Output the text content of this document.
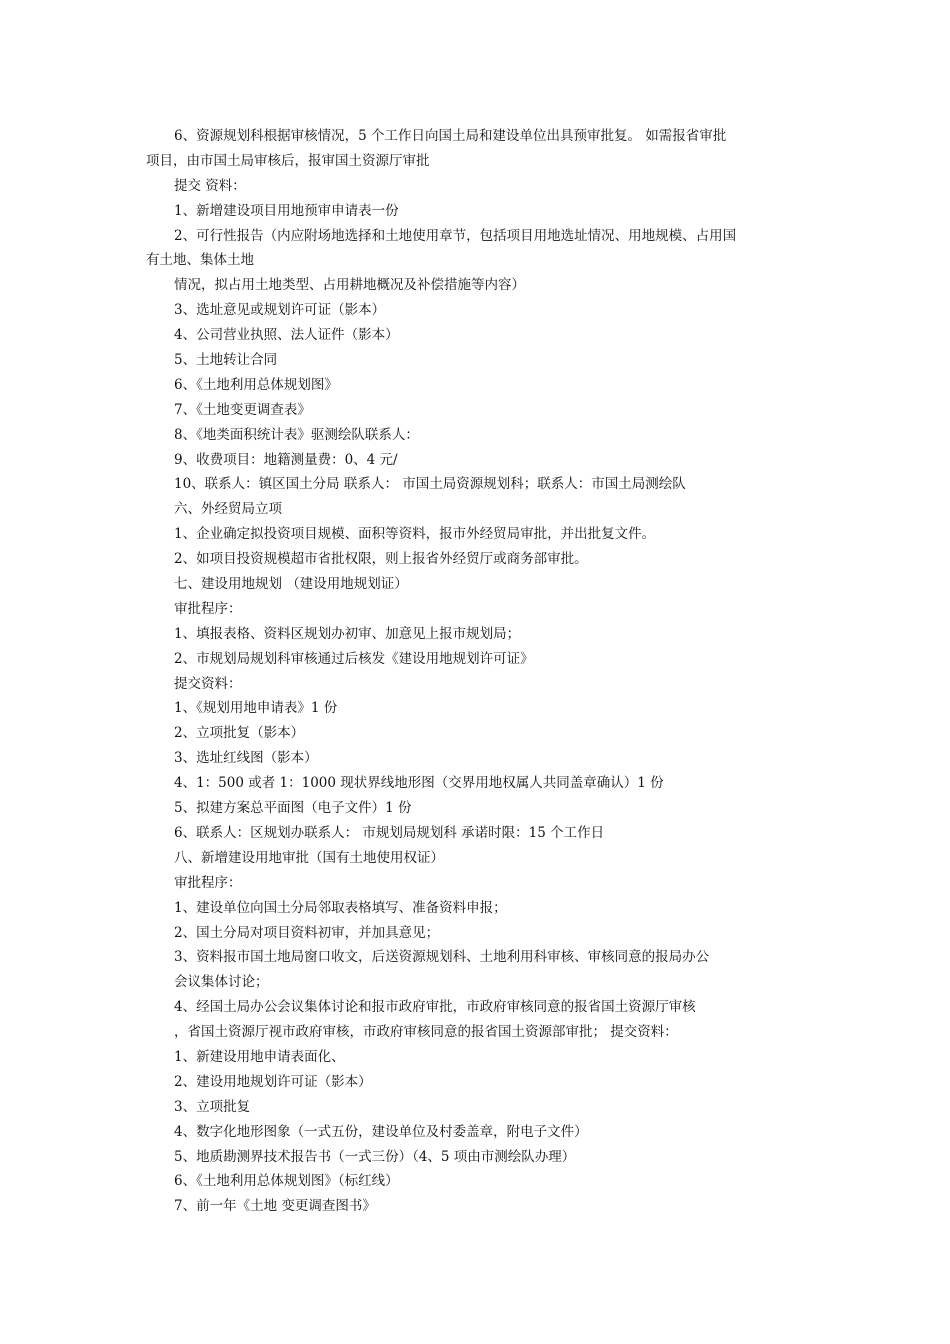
6、资源规划科根据审核情况，5 个工作日向国土局和建设单位出具预审批复。 如需报省审批
项目，由市国土局审核后，报审国土资源厅审批
提交 资料：
1、新增建设项目用地预审申请表一份
2、可行性报告（内应附场地选择和土地使用章节，包括项目用地选址情况、用地规模、占用国
有土地、集体土地
情况，拟占用土地类型、占用耕地概况及补偿措施等内容）
3、选址意见或规划许可证（影本）
4、公司营业执照、法人证件（影本）
5、土地转让合同
6、《土地利用总体规划图》
7、《土地变更调查表》
8、《地类面积统计表》驱测绘队联系人：
9、收费项目：地籍测量费：0、4 元/
10、联系人：镇区国土分局 联系人： 市国土局资源规划科；联系人：市国土局测绘队
六、外经贸局立项
1、企业确定拟投资项目规模、面积等资料，报市外经贸局审批，并出批复文件。
2、如项目投资规模超市省批权限，则上报省外经贸厅或商务部审批。
七、建设用地规划 （建设用地规划证）
审批程序：
1、填报表格、资料区规划办初审、加意见上报市规划局；
2、市规划局规划科审核通过后核发《建设用地规划许可证》
提交资料：
1、《规划用地申请表》1 份
2、立项批复（影本）
3、选址红线图（影本）
4、1：500 或者 1：1000 现状界线地形图（交界用地权属人共同盖章确认）1 份
5、拟建方案总平面图（电子文件）1 份
6、联系人：区规划办联系人： 市规划局规划科 承诺时限：15 个工作日
八、新增建设用地审批（国有土地使用权证）
审批程序：
1、建设单位向国土分局邻取表格填写、准备资料申报；
2、国土分局对项目资料初审，并加具意见；
3、资料报市国土地局窗口收文，后送资源规划科、土地利用科审核、审核同意的报局办公
会议集体讨论；
4、经国土局办公会议集体讨论和报市政府审批，市政府审核同意的报省国土资源厅审核
，省国土资源厅视市政府审核，市政府审核同意的报省国土资源部审批； 提交资料：
1、新建设用地申请表面化、
2、建设用地规划许可证（影本）
3、立项批复
4、数字化地形图象（一式五份，建设单位及村委盖章，附电子文件）
5、地质勘测界技术报告书（一式三份）（4、5 项由市测绘队办理）
6、《土地利用总体规划图》（标红线）
7、前一年《土地 变更调查图书》
